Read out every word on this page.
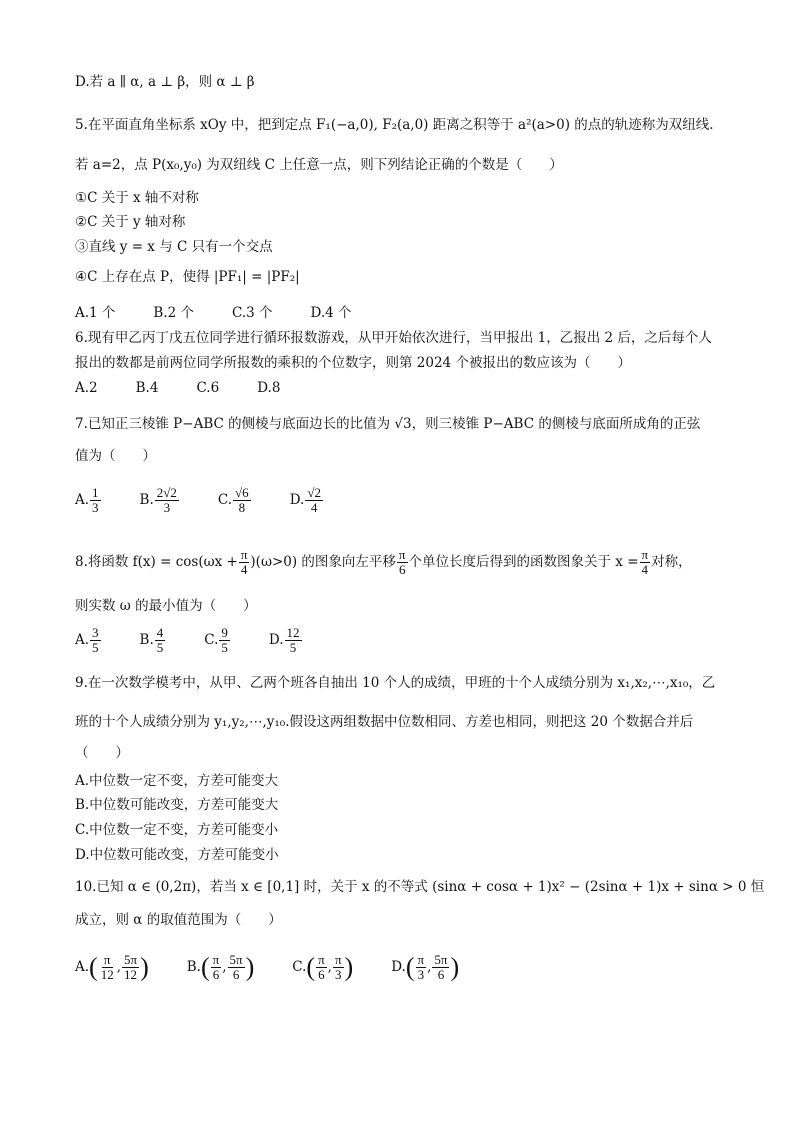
D.若 a ∥ α, a ⊥ β，则 α ⊥ β
5.在平面直角坐标系 xOy 中，把到定点 F₁(−a,0), F₂(a,0) 距离之积等于 a²(a>0) 的点的轨迹称为双纽线.
若 a=2，点 P(x₀,y₀) 为双纽线 C 上任意一点，则下列结论正确的个数是（　　）
①C 关于 x 轴不对称
②C 关于 y 轴对称
③直线 y = x 与 C 只有一个交点
④C 上存在点 P，使得 |PF₁| = |PF₂|
A.1 个	B.2 个	C.3 个	D.4 个
6.现有甲乙丙丁戊五位同学进行循环报数游戏，从甲开始依次进行，当甲报出 1，乙报出 2 后，之后每个人
报出的数都是前两位同学所报数的乘积的个位数字，则第 2024 个被报出的数应该为（　　）
A.2	B.4	C.6	D.8
7.已知正三棱锥 P−ABC 的侧棱与底面边长的比值为 √3，则三棱锥 P−ABC 的侧棱与底面所成角的正弦
值为（　　）
A. $\frac{1}{3}$	B. $\frac{2√2}{3}$	C. $\frac{√6}{8}$	D. $\frac{√2}{4}$
8.将函数 $f(x) = \cos(\omega x + \frac{\pi}{4} )(\omega>0)$ 的图象向左平移 $\frac{\pi}{6}$ 个单位长度后得到的函数图象关于 $x = \frac{\pi}{4}$ 对称，
则实数 ω 的最小值为（　　）
A. $\frac{3}{5}$	B. $\frac{4}{5}$	C. $\frac{9}{5}$	D. $\frac{12}{5}$
9.在一次数学模考中，从甲、乙两个班各自抽出 10 个人的成绩，甲班的十个人成绩分别为 x₁,x₂,⋯,x₁₀，乙
班的十个人成绩分别为 y₁,y₂,⋯,y₁₀.假设这两组数据中位数相同、方差也相同，则把这 20 个数据合并后
（　　）
A.中位数一定不变，方差可能变大
B.中位数可能改变，方差可能变大
C.中位数一定不变，方差可能变小
D.中位数可能改变，方差可能变小
10.已知 α ∈ (0,2π)，若当 x ∈ [0,1] 时，关于 x 的不等式 (sinα + cosα + 1)x² − (2sinα + 1)x + sinα > 0 恒
成立，则 α 的取值范围为（　　）
$A.( \frac{\pi}{12}$ , $\frac{5\pi}{12}$ )	$B.( \frac{\pi}{6}$ , $\frac{5\pi}{6}$ )	$C.( \frac{\pi}{6}$ , $\frac{\pi}{3}$ )	$D.( \frac{\pi}{3}$ , $\frac{5\pi}{6}$ )
